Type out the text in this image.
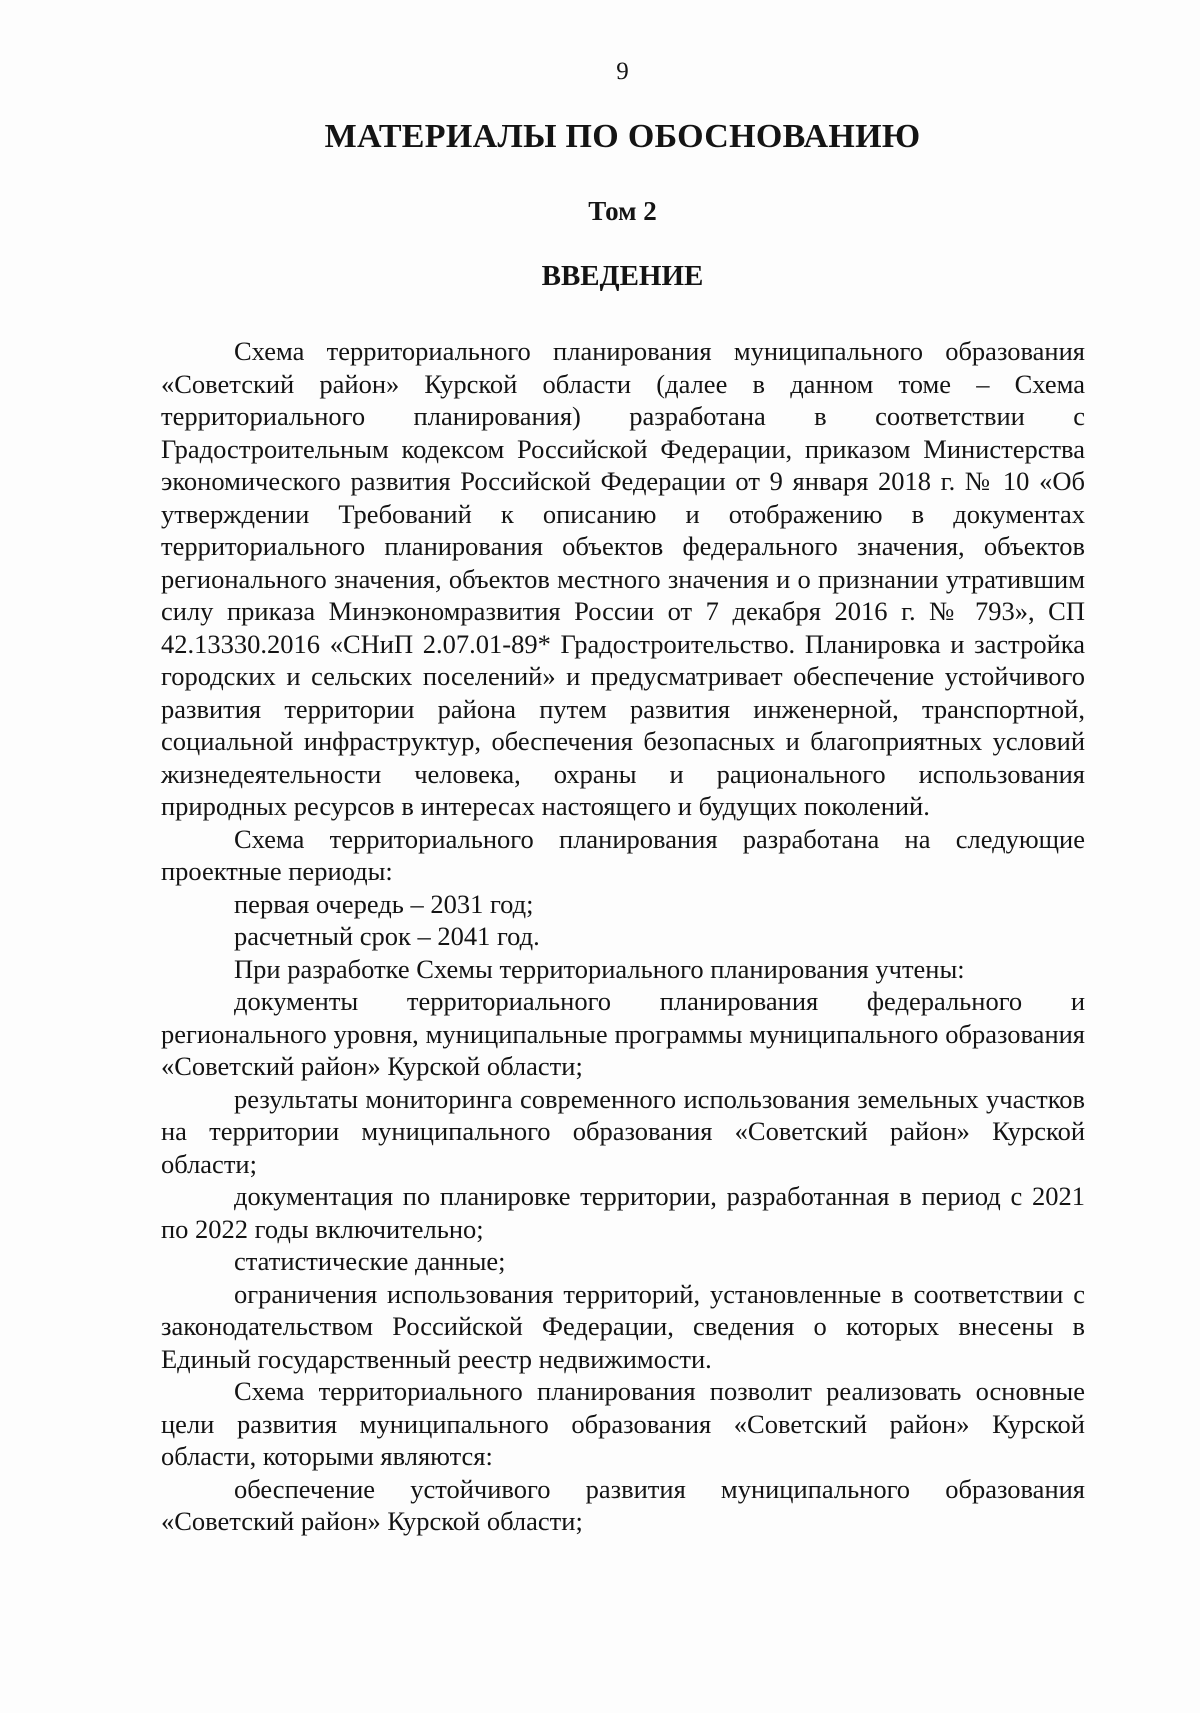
9
МАТЕРИАЛЫ ПО ОБОСНОВАНИЮ
Том 2
ВВЕДЕНИЕ

Схема территориального планирования муниципального образования «Советский район» Курской области (далее в данном томе – Схема территориального планирования) разработана в соответствии с Градостроительным кодексом Российской Федерации, приказом Министерства экономического развития Российской Федерации от 9 января 2018 г. № 10 «Об утверждении Требований к описанию и отображению в документах территориального планирования объектов федерального значения, объектов регионального значения, объектов местного значения и о признании утратившим силу приказа Минэкономразвития России от 7 декабря 2016 г. № 793», СП 42.13330.2016 «СНиП 2.07.01-89* Градостроительство. Планировка и застройка городских и сельских поселений» и предусматривает обеспечение устойчивого развития территории района путем развития инженерной, транспортной, социальной инфраструктур, обеспечения безопасных и благоприятных условий жизнедеятельности человека, охраны и рационального использования природных ресурсов в интересах настоящего и будущих поколений.

Схема территориального планирования разработана на следующие проектные периоды:

первая очередь – 2031 год;

расчетный срок – 2041 год.

При разработке Схемы территориального планирования учтены:

документы территориального планирования федерального и регионального уровня, муниципальные программы муниципального образования «Советский район» Курской области;

результаты мониторинга современного использования земельных участков на территории муниципального образования «Советский район» Курской области;

документация по планировке территории, разработанная в период с 2021 по 2022 годы включительно;

статистические данные;

ограничения использования территорий, установленные в соответствии с законодательством Российской Федерации, сведения о которых внесены в Единый государственный реестр недвижимости.

Схема территориального планирования позволит реализовать основные цели развития муниципального образования «Советский район» Курской области, которыми являются:

обеспечение устойчивого развития муниципального образования «Советский район» Курской области;
